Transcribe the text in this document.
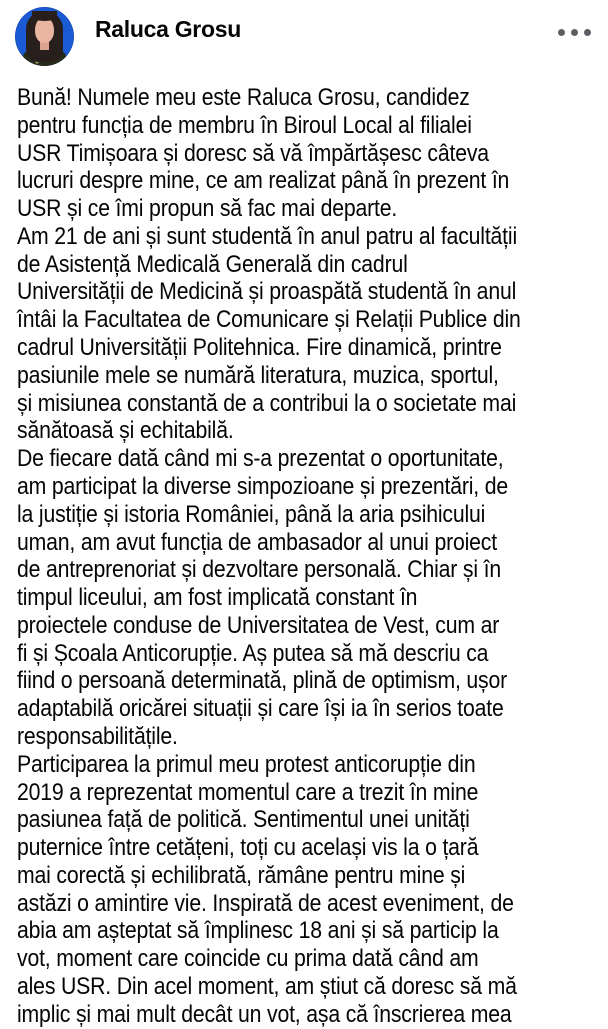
Raluca Grosu
Bună! Numele meu este Raluca Grosu, candidez
pentru funcția de membru în Biroul Local al filialei
USR Timișoara și doresc să vă împărtășesc câteva
lucruri despre mine, ce am realizat până în prezent în
USR și ce îmi propun să fac mai departe.
Am 21 de ani și sunt studentă în anul patru al facultății
de Asistență Medicală Generală din cadrul
Universității de Medicină și proaspătă studentă în anul
întâi la Facultatea de Comunicare și Relații Publice din
cadrul Universității Politehnica. Fire dinamică, printre
pasiunile mele se numără literatura, muzica, sportul,
și misiunea constantă de a contribui la o societate mai
sănătoasă și echitabilă.
De fiecare dată când mi s-a prezentat o oportunitate,
am participat la diverse simpozioane și prezentări, de
la justiție și istoria României, până la aria psihicului
uman, am avut funcția de ambasador al unui proiect
de antreprenoriat și dezvoltare personală. Chiar și în
timpul liceului, am fost implicată constant în
proiectele conduse de Universitatea de Vest, cum ar
fi și Școala Anticorupție. Aș putea să mă descriu ca
fiind o persoană determinată, plină de optimism, ușor
adaptabilă oricărei situații și care își ia în serios toate
responsabilitățile.
Participarea la primul meu protest anticorupție din
2019 a reprezentat momentul care a trezit în mine
pasiunea față de politică. Sentimentul unei unități
puternice între cetățeni, toți cu același vis la o țară
mai corectă și echilibrată, rămâne pentru mine și
astăzi o amintire vie. Inspirată de acest eveniment, de
abia am așteptat să împlinesc 18 ani și să particip la
vot, moment care coincide cu prima dată când am
ales USR. Din acel moment, am știut că doresc să mă
implic și mai mult decât un vot, așa că înscrierea mea
